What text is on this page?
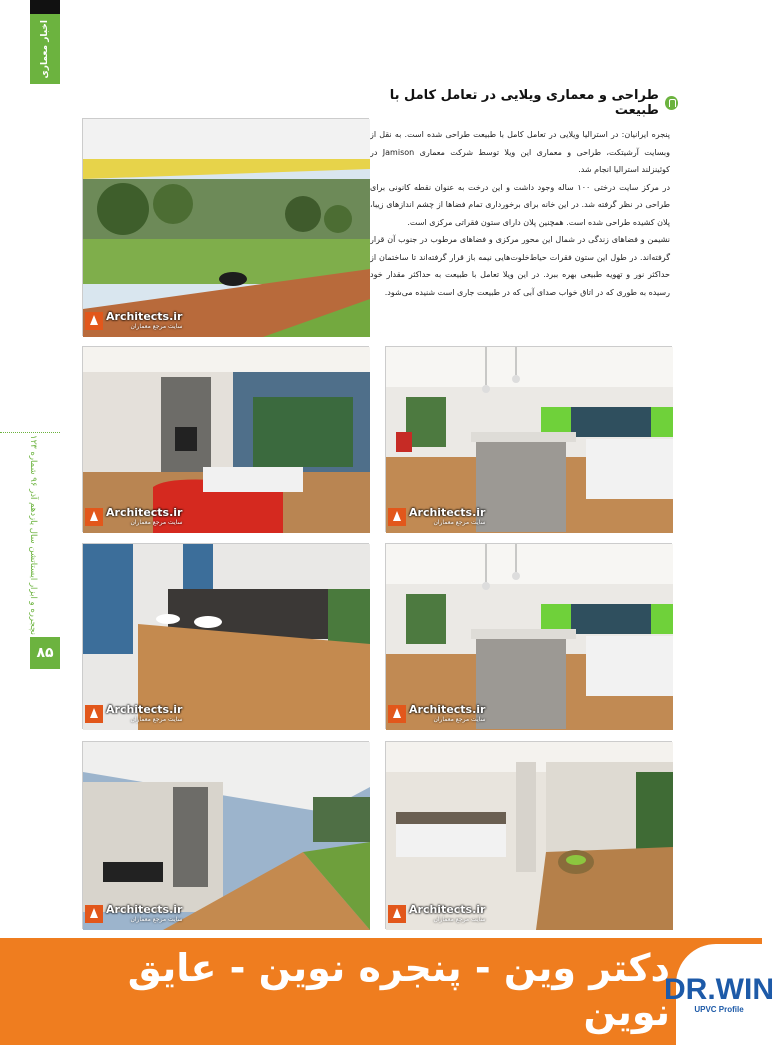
اخبار معماری
نچجرره و ابزار ایستاتشن سال یازدهم آذر ۹۶ شماره ۱۲۳
۸۵
طراحی و معماری ویلایی در تعامل کامل با طبیعت

پنجره ایرانیان: در استرالیا ویلایی در تعامل کامل با طبیعت طراحی شده است. به نقل از وبسایت آرشیتکت، طراحی و معماری این ویلا توسط شرکت معماری Jamison در کوئینزلند استرالیا انجام شد.

در مرکز سایت درختی ۱۰۰ ساله وجود داشت و این درخت به عنوان نقطه کانونی برای طراحی در نظر گرفته شد. در این خانه برای برخورداری تمام فضاها از چشم اندازهای زیبا، پلان کشیده طراحی شده است. همچنین پلان دارای ستون فقراتی مرکزی است.

نشیمن و فضاهای زندگی در شمال این محور مرکزی و فضاهای مرطوب در جنوب آن قرار گرفته‌اند. در طول این ستون فقرات حیاط‌خلوت‌هایی نیمه باز قرار گرفته‌اند تا ساختمان از حداکثر نور و تهویه طبیعی بهره ببرد. در این ویلا تعامل با طبیعت به حداکثر مقدار خود رسیده به طوری که در اتاق خواب صدای آبی که در طبیعت جاری است شنیده می‌شود.

Architects.ir
سایت مرجع معماران
Architects.ir
سایت مرجع معماران
Architects.ir
سایت مرجع معماران
Architects.ir
سایت مرجع معماران
Architects.ir
سایت مرجع معماران
Architects.ir
سایت مرجع معماران
Architects.ir
سایت مرجع معماران
دکتر وین - پنجره نوین - عایق نوین
DR.WIN
UPVC Profile
